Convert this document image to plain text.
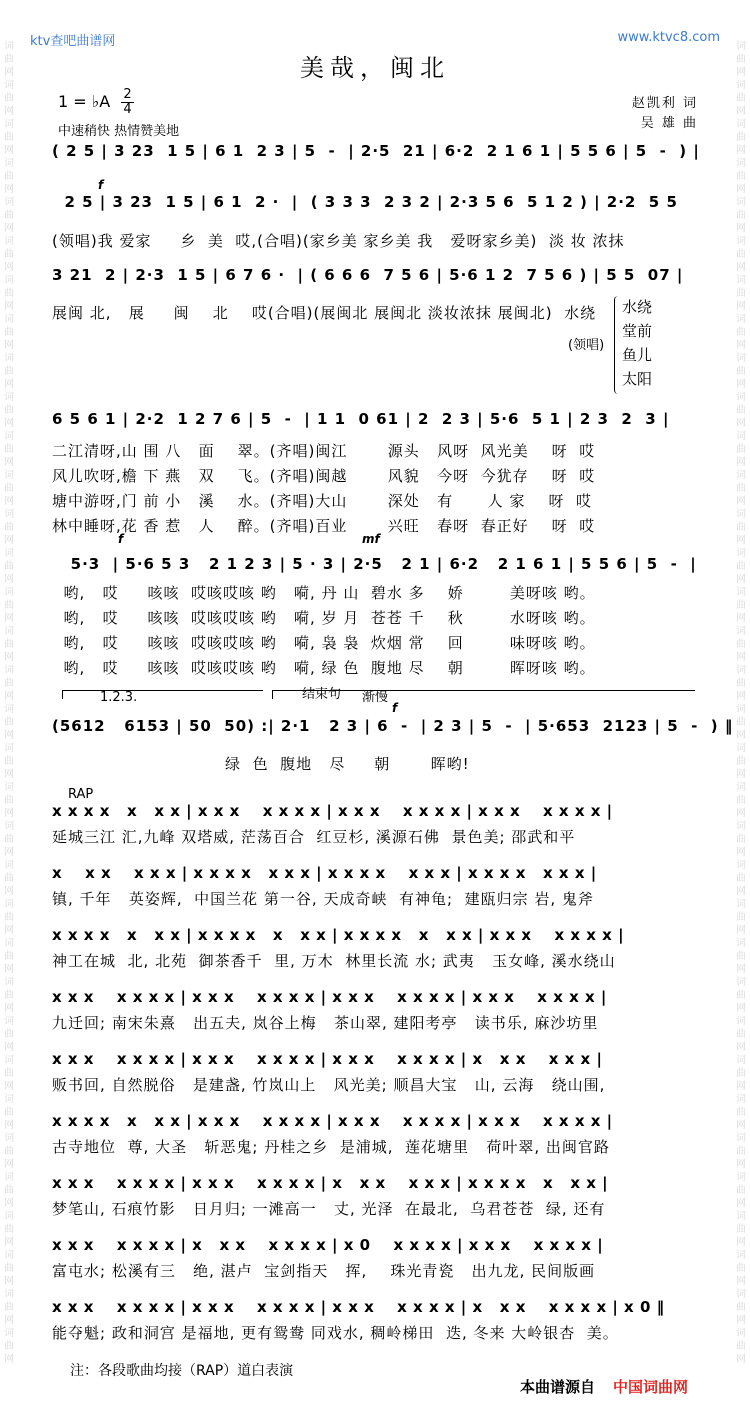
词
曲
网
词
曲
网
词
曲
网
词
曲
网
词
曲
网
词
曲
网
词
曲
网
词
曲
网
词
曲
网
词
曲
网
词
曲
网
词
曲
网
词
曲
网
词
曲
网
词
曲
网
词
曲
网
词
曲
网
词
曲
网
词
曲
网
词
曲
网
词
曲
网
词
曲
网
词
曲
网
词
曲
网
词
曲
网
词
曲
网
词
曲
网
词
曲
网
词
曲
网
词
曲
网
词
曲
网
词
曲
网
词
曲
网
词
曲
网
词
曲
网
词
曲
网
词
曲
网
词
曲
网
词
曲
网
词
曲
网
词
曲
网
词
曲
网
词
曲
网
词
曲
网
词
曲
网
词
曲
网
词
曲
网
词
曲
网
词
曲
网
词
曲
网
词
曲
网
词
曲
网
词
曲
网
词
曲
网
词
曲
网
词
曲
网
词
曲
网
词
曲
网
词
曲
网
词
曲
网
词
曲
网
词
曲
网
词
曲
网
词
曲
网
词
曲
网
词
曲
网
词
曲
网
词
曲
网
ktv查吧曲谱网	www.ktvc8.com
美哉，闽北
1 = ♭A $\frac{2}{4}$
中速稍快 热情赞美地
赵凯利 词
吴 雄 曲
( 2 5 | 3 23  1 5 | 6 1  2 3 | 5  -  | 2·5  21 | 6·2  2 1 6 1 | 5 5 6 | 5  -  ) |
2 5 | 3 23  1 5 | 6 1  2 ·  |  ( 3 3 3  2 3 2 | 2·3 5 6  5 1 2 ) | 2·2  5 5
(领唱)我 爱家     乡  美  哎,(合唱)(家乡美 家乡美 我   爱呀家乡美)  淡 妆 浓抹
3 21  2 | 2·3  1 5 | 6 7 6 ·  | ( 6 6 6  7 5 6 | 5·6 1 2  7 5 6 ) | 5 5  07 |
展闽 北,   展     闽    北    哎(合唱)(展闽北 展闽北 淡妆浓抹 展闽北)  水绕
6 5 6 1 | 2·2  1 2 7 6 | 5  -  | 1 1  0 61 | 2  2 3 | 5·6  5 1 | 2 3  2  3 |
二江清呀,山 围 八   面    翠。(齐唱)闽江       源头   风呀  风光美    呀  哎
风儿吹呀,檐 下 燕   双    飞。(齐唱)闽越       风貌   今呀  今犹存    呀  哎
塘中游呀,门 前 小   溪    水。(齐唱)大山       深处   有      人 家    呀  哎
林中睡呀,花 香 惹   人    醉。(齐唱)百业       兴旺   春呀  春正好    呀  哎
5·3  | 5·6 5 3   2 1 2 3 | 5 · 3 | 2·5   2 1 | 6·2   2 1 6 1 | 5 5 6 | 5  -  |
哟,   哎     咳咳  哎咳哎咳 哟   嗬, 丹 山  碧水 多    娇        美呀咳 哟。
哟,   哎     咳咳  哎咳哎咳 哟   嗬, 岁 月  苍苍 千    秋        水呀咳 哟。
哟,   哎     咳咳  哎咳哎咳 哟   嗬, 袅 袅  炊烟 常    回        味呀咳 哟。
哟,   哎     咳咳  哎咳哎咳 哟   嗬, 绿 色  腹地 尽    朝        晖呀咳 哟。
(5612   6153 | 50  50) :| 2·1   2 3 | 6  -  | 2 3 | 5  -  | 5·653  2123 | 5  -  ) ‖
绿  色  腹地   尽     朝       晖哟!
(领唱)
水绕
堂前
鱼儿
太阳
1.2.3.	结束句 渐慢
f
f	mf
f
RAP
x x x x   x   x x | x x x    x x x x | x x x    x x x x | x x x    x x x x |
延城三江 汇,九峰 双塔威, 茫荡百合  红豆杉, 溪源石佛  景色美; 邵武和平
x    x x    x x x | x x x x   x x x | x x x x    x x x | x x x x   x x x |
镇, 千年   英姿辉,  中国兰花 第一谷, 天成奇峡  有神龟;  建瓯归宗 岩, 鬼斧
x x x x   x   x x | x x x x   x   x x | x x x x   x   x x | x x x    x x x x |
神工在城  北, 北苑  御茶香千  里, 万木  林里长流 水; 武夷   玉女峰, 溪水绕山
x x x    x x x x | x x x    x x x x | x x x    x x x x | x x x    x x x x |
九迁回; 南宋朱熹   出五夫, 岚谷上梅   茶山翠, 建阳考亭   读书乐, 麻沙坊里
x x x    x x x x | x x x    x x x x | x x x    x x x x | x   x x    x x x |
贩书回, 自然脱俗   是建盏, 竹岚山上   风光美; 顺昌大宝   山, 云海   绕山围,
x x x x   x   x x | x x x    x x x x | x x x    x x x x | x x x    x x x x |
古寺地位  尊, 大圣   斩恶鬼; 丹桂之乡  是浦城,  莲花塘里   荷叶翠, 出闽官路
x x x    x x x x | x x x    x x x x | x   x x    x x x | x x x x   x   x x |
梦笔山, 石痕竹影   日月归; 一滩高一   丈, 光泽  在最北,  乌君苍苍  绿, 还有
x x x    x x x x | x   x x    x x x x | x 0    x x x x | x x x    x x x x |
富屯水; 松溪有三   绝, 湛卢  宝剑指天   挥,    珠光青瓷   出九龙, 民间版画
x x x    x x x x | x x x    x x x x | x x x    x x x x | x   x x    x x x x | x 0 ‖
能夺魁; 政和洞宫 是福地, 更有鸳鸯 同戏水, 稠岭梯田  迭, 冬来 大岭银杏  美。
注：各段歌曲均接（RAP）道白表演
本曲谱源自 中国词曲网
